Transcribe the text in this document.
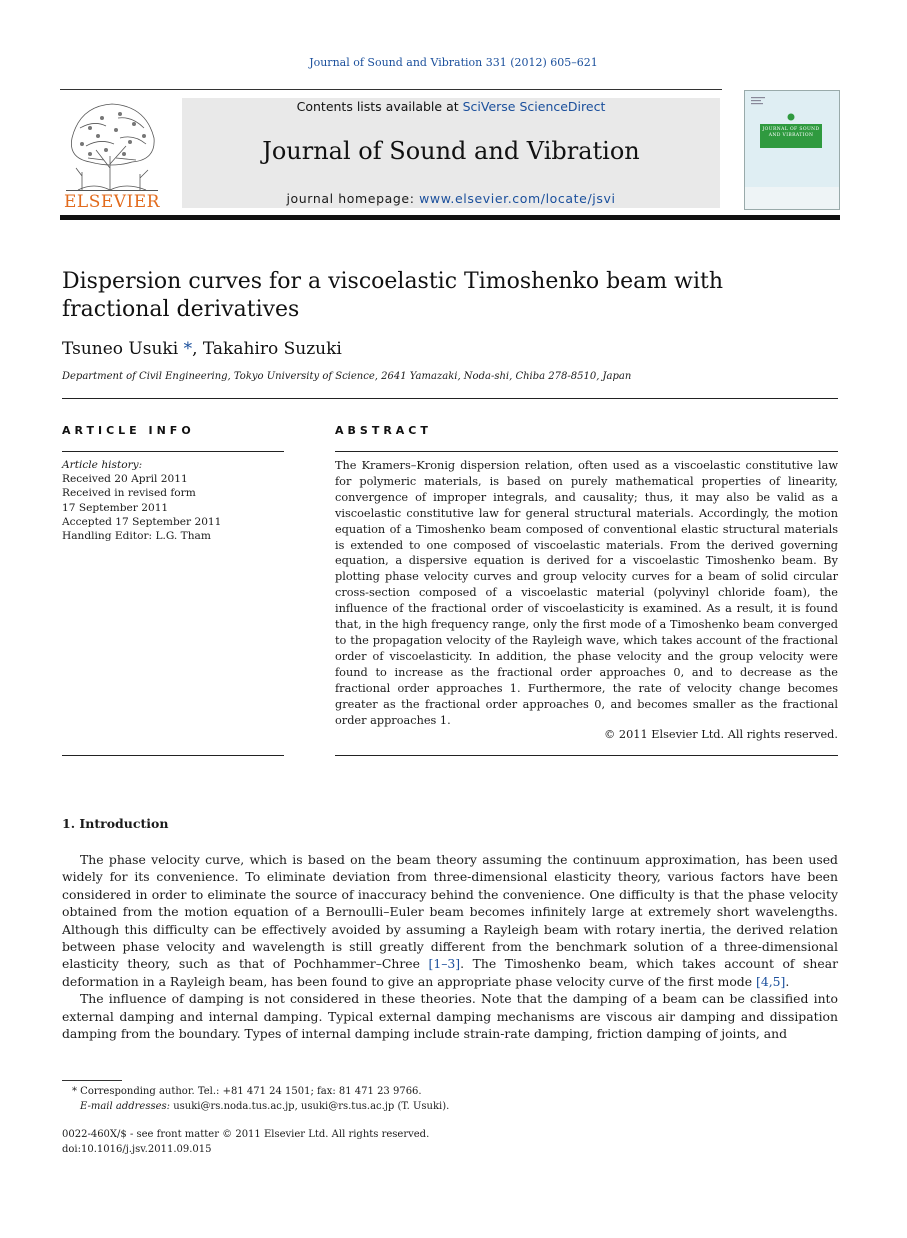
Journal of Sound and Vibration 331 (2012) 605–621
ELSEVIER
Contents lists available at SciVerse ScienceDirect
Journal of Sound and Vibration
journal homepage: www.elsevier.com/locate/jsvi
JOURNAL OF SOUND AND VIBRATION
Dispersion curves for a viscoelastic Timoshenko beam with fractional derivatives
Tsuneo Usuki *, Takahiro Suzuki
Department of Civil Engineering, Tokyo University of Science, 2641 Yamazaki, Noda-shi, Chiba 278-8510, Japan
ARTICLE INFO
Article history:
Received 20 April 2011
Received in revised form
17 September 2011
Accepted 17 September 2011
Handling Editor: L.G. Tham
ABSTRACT
The Kramers–Kronig dispersion relation, often used as a viscoelastic constitutive law for polymeric materials, is based on purely mathematical properties of linearity, convergence of improper integrals, and causality; thus, it may also be valid as a viscoelastic constitutive law for general structural materials. Accordingly, the motion equation of a Timoshenko beam composed of conventional elastic structural materials is extended to one composed of viscoelastic materials. From the derived governing equation, a dispersive equation is derived for a viscoelastic Timoshenko beam. By plotting phase velocity curves and group velocity curves for a beam of solid circular cross-section composed of a viscoelastic material (polyvinyl chloride foam), the influence of the fractional order of viscoelasticity is examined. As a result, it is found that, in the high frequency range, only the first mode of a Timoshenko beam converged to the propagation velocity of the Rayleigh wave, which takes account of the fractional order of viscoelasticity. In addition, the phase velocity and the group velocity were found to increase as the fractional order approaches 0, and to decrease as the fractional order approaches 1. Furthermore, the rate of velocity change becomes greater as the fractional order approaches 0, and becomes smaller as the fractional order approaches 1.
© 2011 Elsevier Ltd. All rights reserved.
1. Introduction

The phase velocity curve, which is based on the beam theory assuming the continuum approximation, has been used widely for its convenience. To eliminate deviation from three-dimensional elasticity theory, various factors have been considered in order to eliminate the source of inaccuracy behind the convenience. One difficulty is that the phase velocity obtained from the motion equation of a Bernoulli–Euler beam becomes infinitely large at extremely short wavelengths. Although this difficulty can be effectively avoided by assuming a Rayleigh beam with rotary inertia, the derived relation between phase velocity and wavelength is still greatly different from the benchmark solution of a three-dimensional elasticity theory, such as that of Pochhammer–Chree [1–3]. The Timoshenko beam, which takes account of shear deformation in a Rayleigh beam, has been found to give an appropriate phase velocity curve of the first mode [4,5].

The influence of damping is not considered in these theories. Note that the damping of a beam can be classified into external damping and internal damping. Typical external damping mechanisms are viscous air damping and dissipation damping from the boundary. Types of internal damping include strain-rate damping, friction damping of joints, and

* Corresponding author. Tel.: +81 471 24 1501; fax: 81 471 23 9766.
E-mail addresses: usuki@rs.noda.tus.ac.jp, usuki@rs.tus.ac.jp (T. Usuki).
0022-460X/$ - see front matter © 2011 Elsevier Ltd. All rights reserved.
doi:10.1016/j.jsv.2011.09.015
